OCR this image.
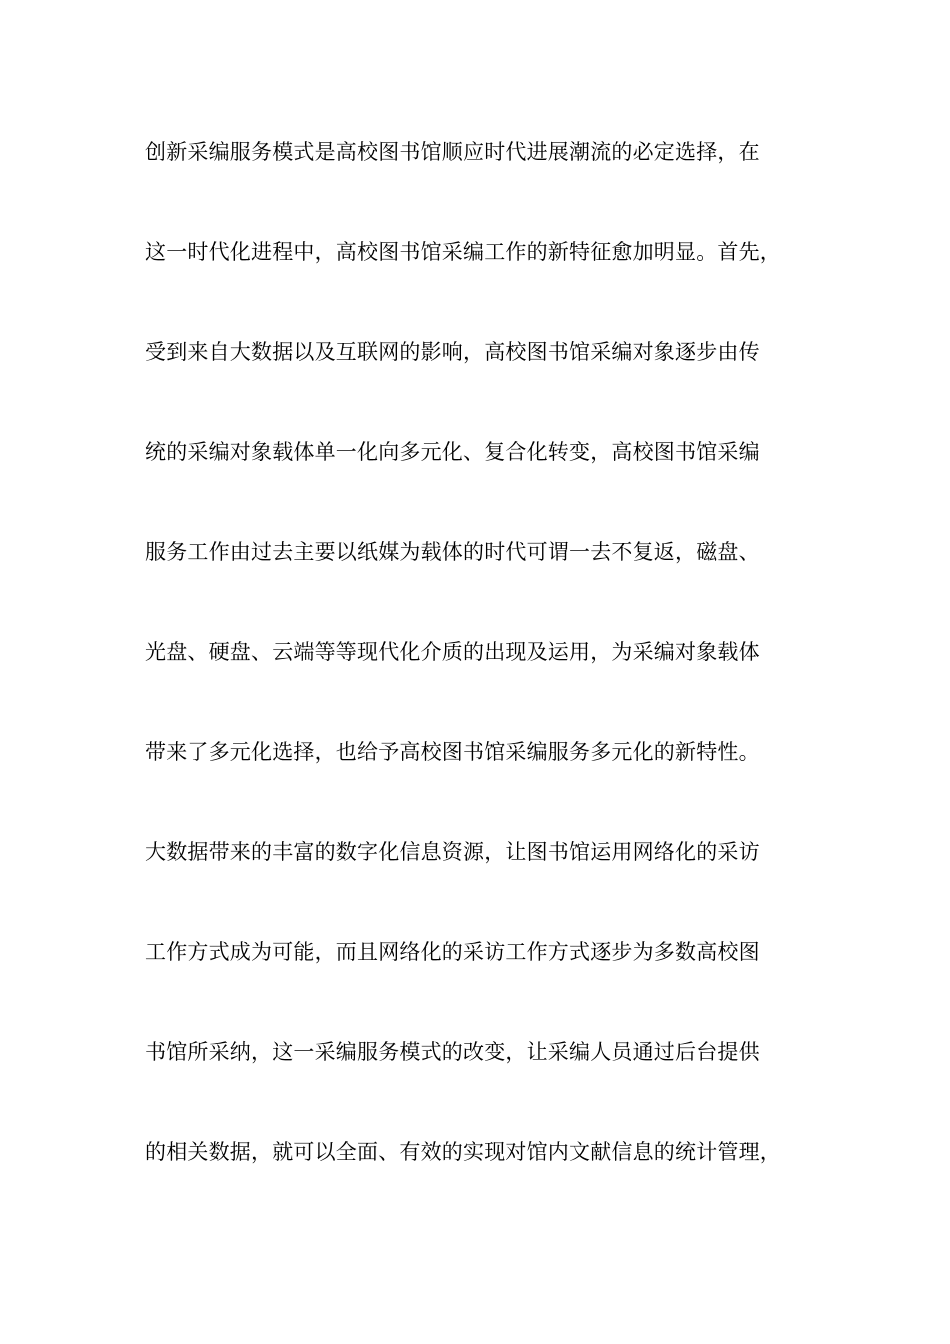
创新采编服务模式是高校图书馆顺应时代进展潮流的必定选择，在
这一时代化进程中，高校图书馆采编工作的新特征愈加明显。首先，
受到来自大数据以及互联网的影响，高校图书馆采编对象逐步由传
统的采编对象载体单一化向多元化、复合化转变，高校图书馆采编
服务工作由过去主要以纸媒为载体的时代可谓一去不复返，磁盘、
光盘、硬盘、云端等等现代化介质的出现及运用，为采编对象载体
带来了多元化选择，也给予高校图书馆采编服务多元化的新特性。
大数据带来的丰富的数字化信息资源，让图书馆运用网络化的采访
工作方式成为可能，而且网络化的采访工作方式逐步为多数高校图
书馆所采纳，这一采编服务模式的改变，让采编人员通过后台提供
的相关数据，就可以全面、有效的实现对馆内文献信息的统计管理，
